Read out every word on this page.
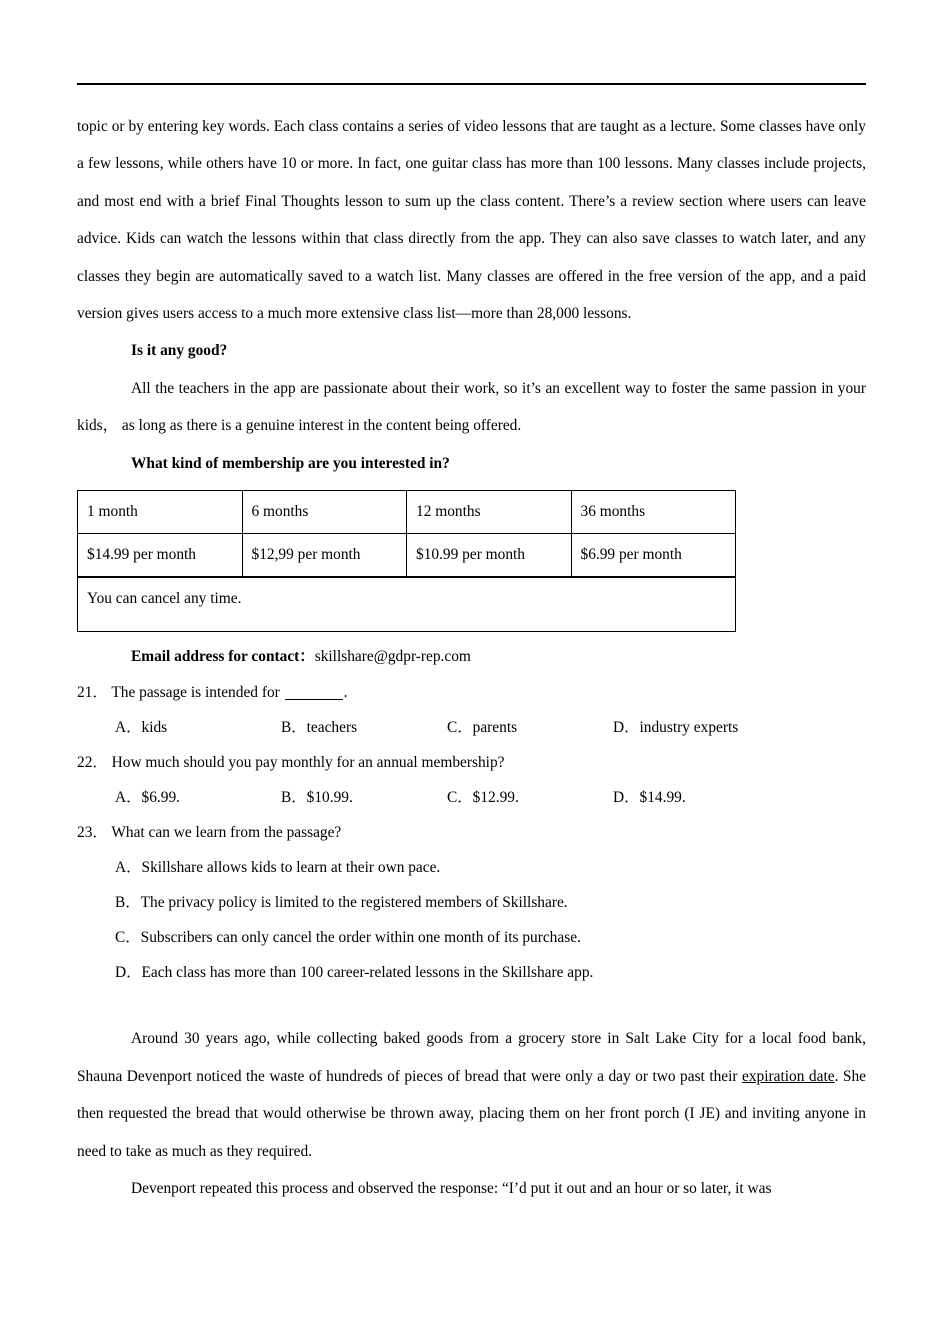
topic or by entering key words. Each class contains a series of video lessons that are taught as a lecture. Some classes have only a few lessons, while others have 10 or more. In fact, one guitar class has more than 100 lessons. Many classes include projects, and most end with a brief Final Thoughts lesson to sum up the class content. There’s a review section where users can leave advice. Kids can watch the lessons within that class directly from the app. They can also save classes to watch later, and any classes they begin are automatically saved to a watch list. Many classes are offered in the free version of the app, and a paid version gives users access to a much more extensive class list—more than 28,000 lessons.

Is it any good?

All the teachers in the app are passionate about their work, so it’s an excellent way to foster the same passion in your kids， as long as there is a genuine interest in the content being offered.

What kind of membership are you interested in?
1 month	6 months	12 months	36 months
$14.99 per month	$12,99 per month	$10.99 per month	$6.99 per month
You can cancel any time.			

Email address for contact：skillshare@gdpr-rep.com

21． The passage is intended for	.
A．kids	B．teachers	C．parents	D．industry experts
22． How much should you pay monthly for an annual membership?
A．$6.99.	B．$10.99.	C．$12.99.	D．$14.99.
23． What can we learn from the passage?
A．Skillshare allows kids to learn at their own pace.
B．The privacy policy is limited to the registered members of Skillshare.
C．Subscribers can only cancel the order within one month of its purchase.
D．Each class has more than 100 career-related lessons in the Skillshare app.

Around 30 years ago, while collecting baked goods from a grocery store in Salt Lake City for a local food bank, Shauna Devenport noticed the waste of hundreds of pieces of bread that were only a day or two past their expiration date. She then requested the bread that would otherwise be thrown away, placing them on her front porch (I JE) and inviting anyone in need to take as much as they required.

Devenport repeated this process and observed the response: “I’d put it out and an hour or so later, it was
